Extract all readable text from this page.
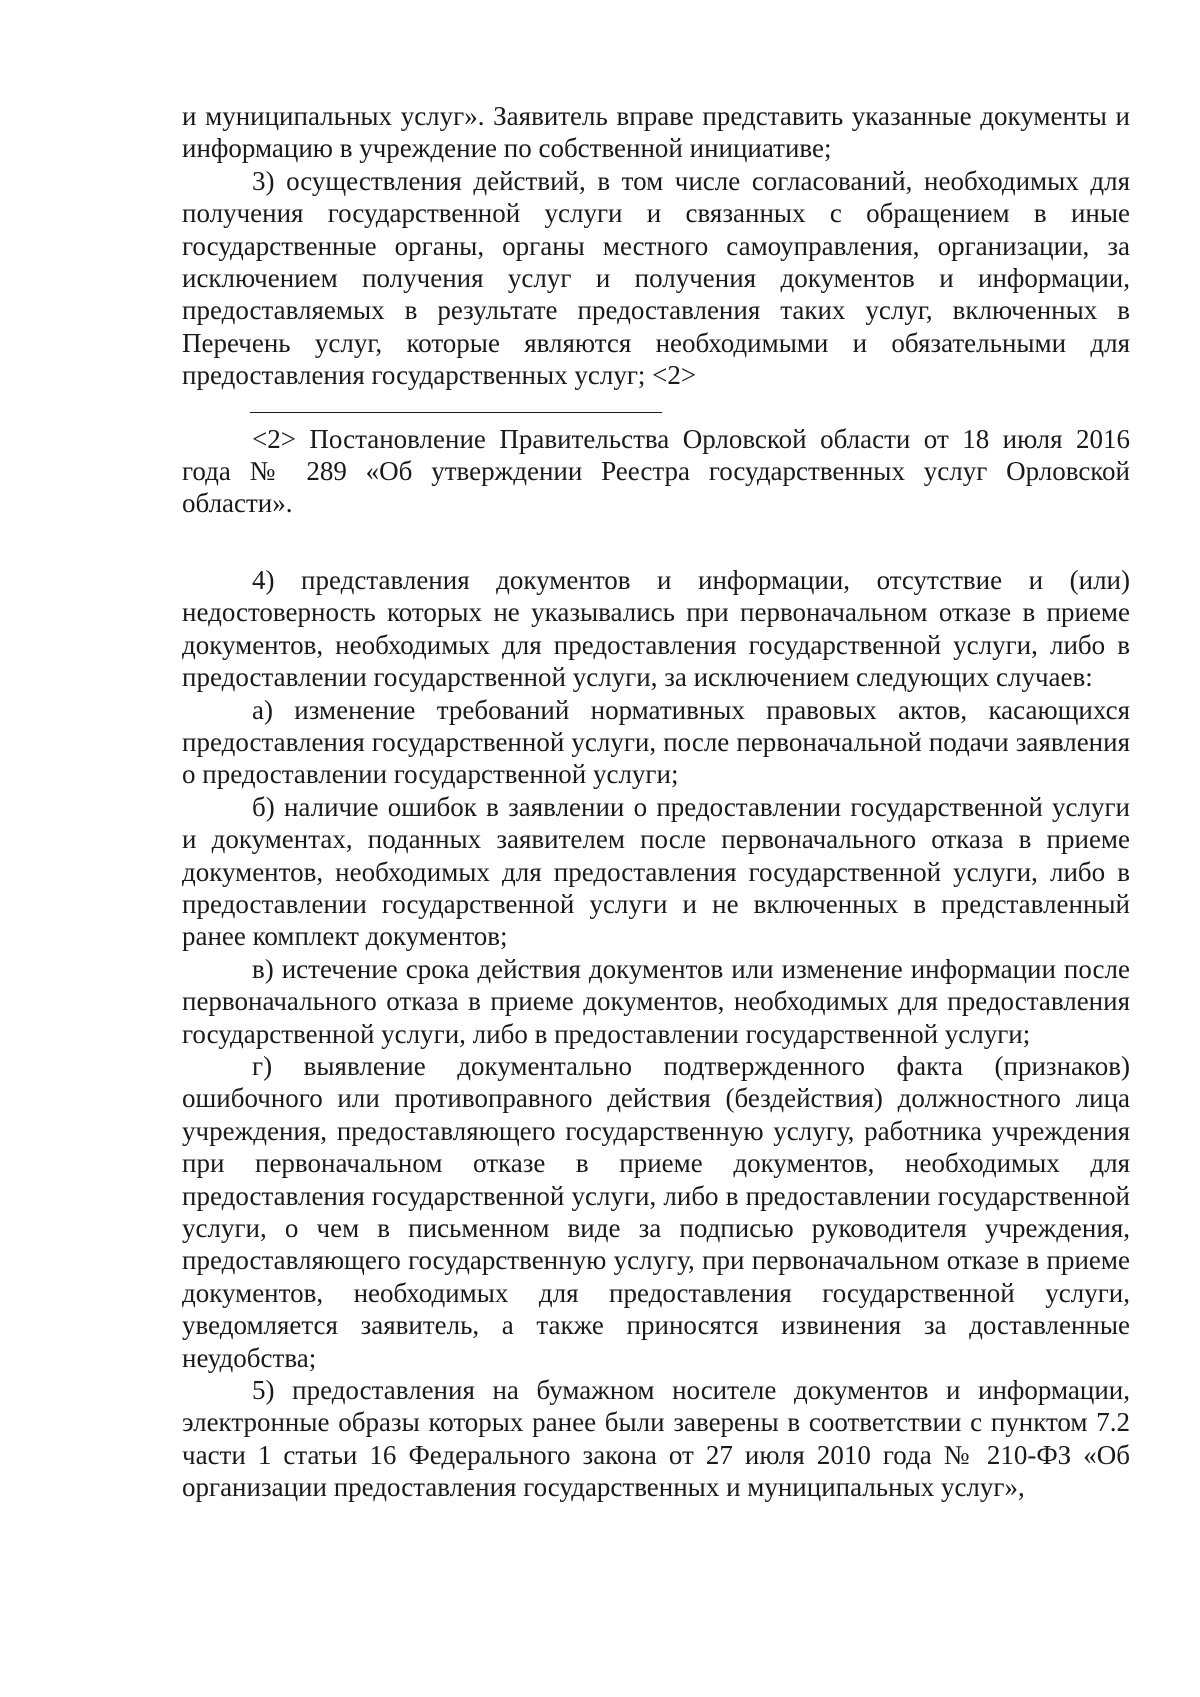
и муниципальных услуг». Заявитель вправе представить указанные документы и информацию в учреждение по собственной инициативе;

3) осуществления действий, в том числе согласований, необходимых для получения государственной услуги и связанных с обращением в иные государственные органы, органы местного самоуправления, организации, за исключением получения услуг и получения документов и информации, предоставляемых в результате предоставления таких услуг, включенных в Перечень услуг, которые являются необходимыми и обязательными для предоставления государственных услуг; <2>

<2> Постановление Правительства Орловской области от 18 июля 2016 года № 289 «Об утверждении Реестра государственных услуг Орловской области».

4) представления документов и информации, отсутствие и (или) недостоверность которых не указывались при первоначальном отказе в приеме документов, необходимых для предоставления государственной услуги, либо в предоставлении государственной услуги, за исключением следующих случаев:

а) изменение требований нормативных правовых актов, касающихся предоставления государственной услуги, после первоначальной подачи заявления о предоставлении государственной услуги;

б) наличие ошибок в заявлении о предоставлении государственной услуги и документах, поданных заявителем после первоначального отказа в приеме документов, необходимых для предоставления государственной услуги, либо в предоставлении государственной услуги и не включенных в представленный ранее комплект документов;

в) истечение срока действия документов или изменение информации после первоначального отказа в приеме документов, необходимых для предоставления государственной услуги, либо в предоставлении государственной услуги;

г) выявление документально подтвержденного факта (признаков) ошибочного или противоправного действия (бездействия) должностного лица учреждения, предоставляющего государственную услугу, работника учреждения при первоначальном отказе в приеме документов, необходимых для предоставления государственной услуги, либо в предоставлении государственной услуги, о чем в письменном виде за подписью руководителя учреждения, предоставляющего государственную услугу, при первоначальном отказе в приеме документов, необходимых для предоставления государственной услуги, уведомляется заявитель, а также приносятся извинения за доставленные неудобства;

5) предоставления на бумажном носителе документов и информации, электронные образы которых ранее были заверены в соответствии с пунктом 7.2 части 1 статьи 16 Федерального закона от 27 июля 2010 года № 210-ФЗ «Об организации предоставления государственных и муниципальных услуг»,
